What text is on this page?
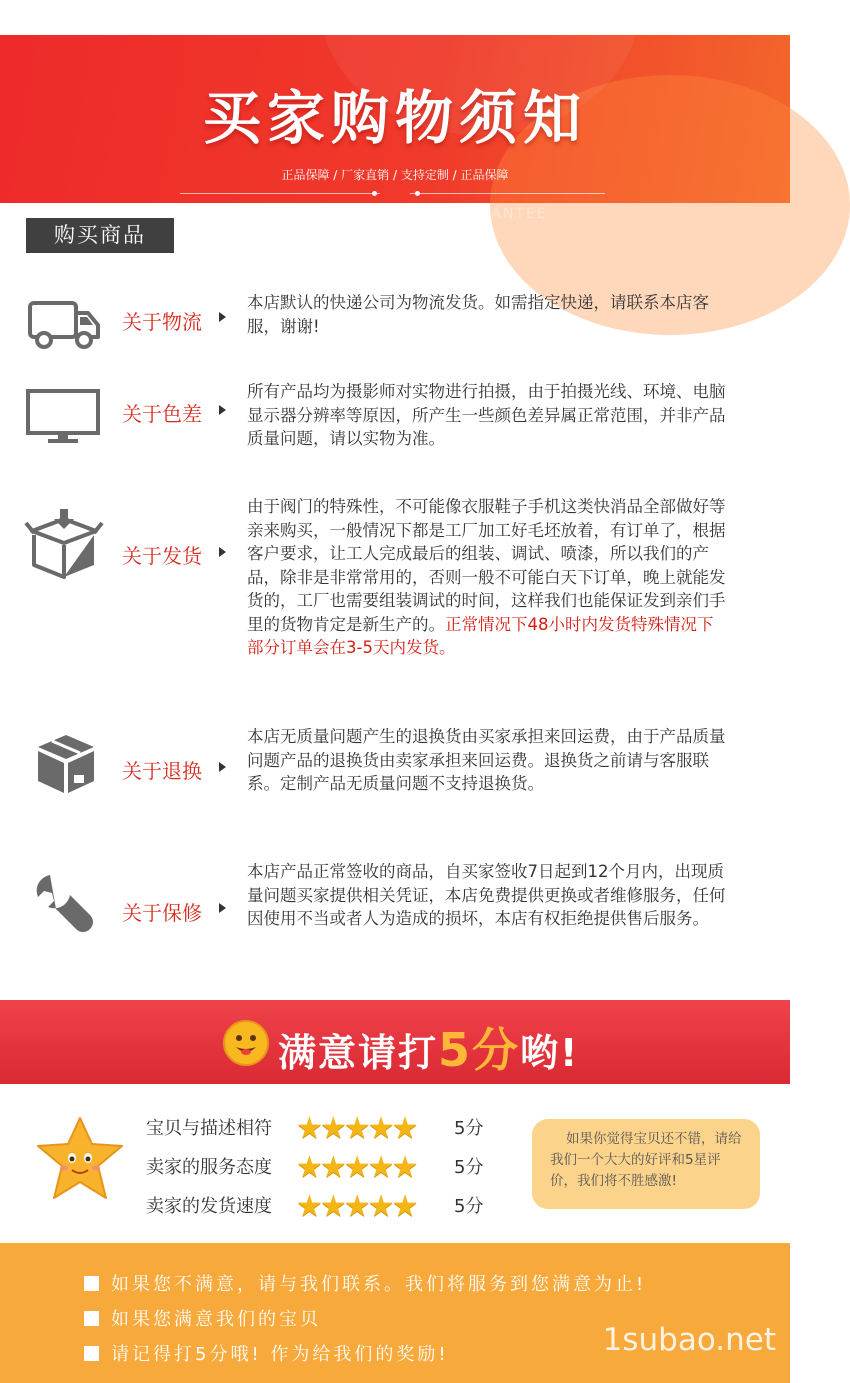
买家购物须知
正品保障 / 厂家直销 / 支持定制 / 正品保障
AFTER-SALES SERVICE GUARANTEE
购买商品
关于物流
本店默认的快递公司为物流发货。如需指定快递，请联系本店客服，谢谢!
关于色差
所有产品均为摄影师对实物进行拍摄，由于拍摄光线、环境、电脑显示器分辨率等原因，所产生一些颜色差异属正常范围，并非产品质量问题，请以实物为准。
关于发货
由于阀门的特殊性，不可能像衣服鞋子手机这类快消品全部做好等亲来购买，一般情况下都是工厂加工好毛坯放着，有订单了，根据客户要求，让工人完成最后的组装、调试、喷漆，所以我们的产品，除非是非常常用的，否则一般不可能白天下订单，晚上就能发货的，工厂也需要组装调试的时间，这样我们也能保证发到亲们手里的货物肯定是新生产的。正常情况下48小时内发货特殊情况下部分订单会在3-5天内发货。
关于退换
本店无质量问题产生的退换货由买家承担来回运费，由于产品质量问题产品的退换货由卖家承担来回运费。退换货之前请与客服联系。定制产品无质量问题不支持退换货。
关于保修
本店产品正常签收的商品，自买家签收7日起到12个月内，出现质量问题买家提供相关凭证，本店免费提供更换或者维修服务，任何因使用不当或者人为造成的损坏，本店有权拒绝提供售后服务。
满意请打5分哟!
宝贝与描述相符 ★★★★★ 5分
卖家的服务态度 ★★★★★ 5分
卖家的发货速度 ★★★★★ 5分
如果你觉得宝贝还不错，请给我们一个大大的好评和5星评价，我们将不胜感激!
如果您不满意，请与我们联系。我们将服务到您满意为止!
如果您满意我们的宝贝
请记得打5分哦! 作为给我们的奖励!	1subao.net
